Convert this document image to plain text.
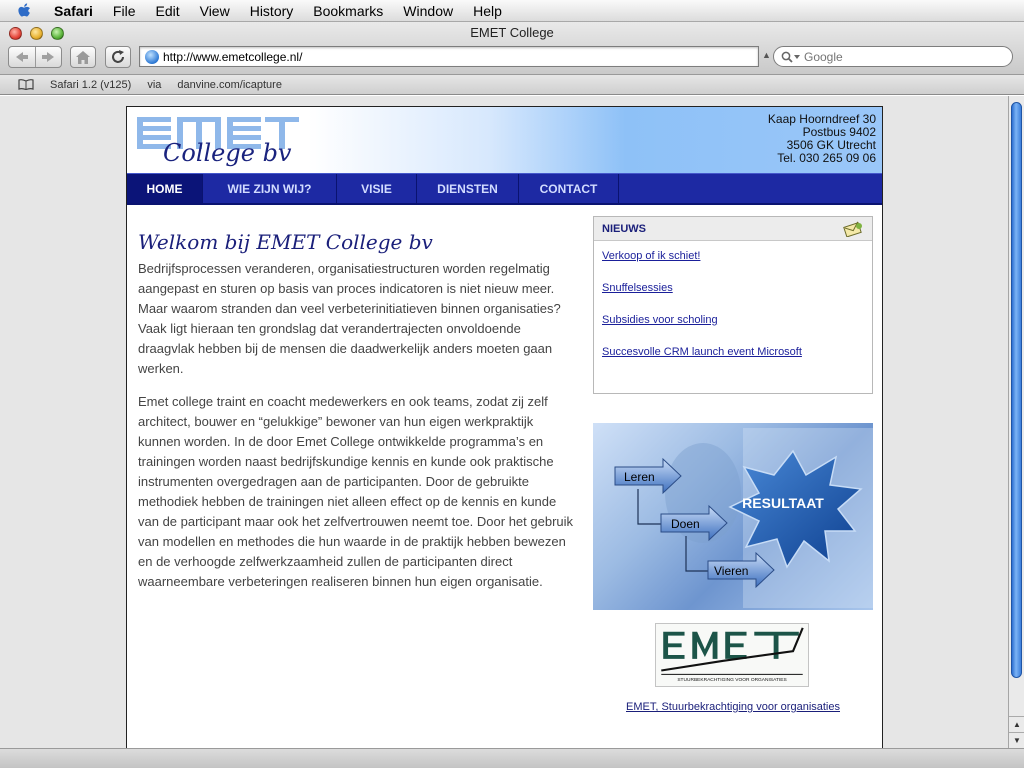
Safari File Edit View History Bookmarks Window Help
EMET College
http://www.emetcollege.nl/	▲
Google
Safari 1.2 (v125) via danvine.com/icapture
▲
▼
College bv
Kaap Hoorndreef 30
Postbus 9402
3506 GK Utrecht
Tel. 030 265 09 06
HOME	WIE ZIJN WIJ?	VISIE	DIENSTEN	CONTACT
Welkom bij EMET College bv

Bedrijfsprocessen veranderen, organisatiestructuren worden regelmatig aangepast en sturen op basis van proces indicatoren is niet nieuw meer. Maar waarom stranden dan veel verbeterinitiatieven binnen organisaties? Vaak ligt hieraan ten grondslag dat verandertrajecten onvoldoende draagvlak hebben bij de mensen die daadwerkelijk anders moeten gaan werken.

Emet college traint en coacht medewerkers en ook teams, zodat zij zelf architect, bouwer en “gelukkige” bewoner van hun eigen werkpraktijk kunnen worden. In de door Emet College ontwikkelde programma’s en trainingen worden naast bedrijfskundige kennis en kunde ook praktische instrumenten overgedragen aan de participanten. Door de gebruikte methodiek hebben de trainingen niet alleen effect op de kennis en kunde van de participant maar ook het zelfvertrouwen neemt toe. Door het gebruik van modellen en methodes die hun waarde in de praktijk hebben bewezen en de verhoogde zelfwerkzaamheid zullen de participanten direct waarneembare verbeteringen realiseren binnen hun eigen organisatie.

NIEUWS
Verkoop of ik schiet!
Snuffelsessies
Subsidies voor scholing
Succesvolle CRM launch event Microsoft
Leren
Doen
Vieren
RESULTAAT
STUURBEKRACHTIGING VOOR ORGANISATIES
EMET, Stuurbekrachtiging voor organisaties
